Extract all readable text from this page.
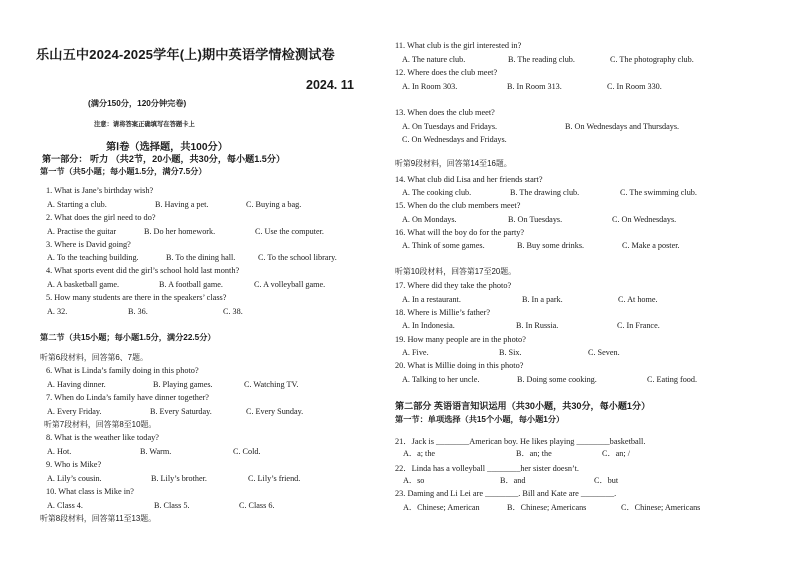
乐山五中2024-2025学年(上)期中英语学情检测试卷
2024. 11
(满分150分，120分钟完卷)
注意：请将答案正确填写在答题卡上
第Ⅰ卷（选择题，共100分）
第一部分： 听力 （共2节，20小题，共30分，每小题1.5分）
第一节（共5小题；每小题1.5分，满分7.5分）
1. What is Jane’s birthday wish?
A. Starting a club.	B. Having a pet.	C. Buying a bag.
2. What does the girl need to do?
A. Practise the guitar	B. Do her homework.	C. Use the computer.
3. Where is David going?
A. To the teaching building.	B. To the dining hall.	C. To the school library.
4. What sports event did the girl’s school hold last month?
A. A basketball game.	B. A football game.	C. A volleyball game.
5. How many students are there in the speakers’ class?
A. 32.	B. 36.	C. 38.
第二节（共15小题；每小题1.5分，满分22.5分）
听第6段材料，回答第6、7题。
6. What is Linda’s family doing in this photo?
A. Having dinner.	B. Playing games.	C. Watching TV.
7. When do Linda’s family have dinner together?
A. Every Friday.	B. Every Saturday.	C. Every Sunday.
听第7段材料，回答第8至10题。
8. What is the weather like today?
A. Hot.	B. Warm.	C. Cold.
9. Who is Mike?
A. Lily’s cousin.	B. Lily’s brother.	C. Lily’s friend.
10. What class is Mike in?
A. Class 4.	B. Class 5.	C. Class 6.
听第8段材料，回答第11至13题。
11. What club is the girl interested in?
A. The nature club.	B. The reading club.	C. The photography club.
12. Where does the club meet?
A. In Room 303.	B. In Room 313.	C. In Room 330.
13. When does the club meet?
A. On Tuesdays and Fridays.	B. On Wednesdays and Thursdays.
C. On Wednesdays and Fridays.
听第9段材料，回答第14至16题。
14. What club did Lisa and her friends start?
A. The cooking club.	B. The drawing club.	C. The swimming club.
15. When do the club members meet?
A. On Mondays.	B. On Tuesdays.	C. On Wednesdays.
16. What will the boy do for the party?
A. Think of some games.	B. Buy some drinks.	C. Make a poster.
听第10段材料，回答第17至20题。
17. Where did they take the photo?
A. In a restaurant.	B. In a park.	C. At home.
18. Where is Millie’s father?
A. In Indonesia.	B. In Russia.	C. In France.
19. How many people are in the photo?
A. Five.	B. Six.	C. Seven.
20. What is Millie doing in this photo?
A. Talking to her uncle.	B. Doing some cooking.	C. Eating food.
第二部分 英语语言知识运用（共30小题，共30分，每小题1分）
第一节：单项选择（共15个小题，每小题1分）
21．Jack is ________American boy. He likes playing ________basketball.
A．a; the	B．an; the	C．an; /
22．Linda has a volleyball ________her sister doesn’t.
A．so	B．and	C．but
23. Daming and Li Lei are ________. Bill and Kate are ________.
A．Chinese; American	B．Chinese; Americans	C．Chinese; Americans
